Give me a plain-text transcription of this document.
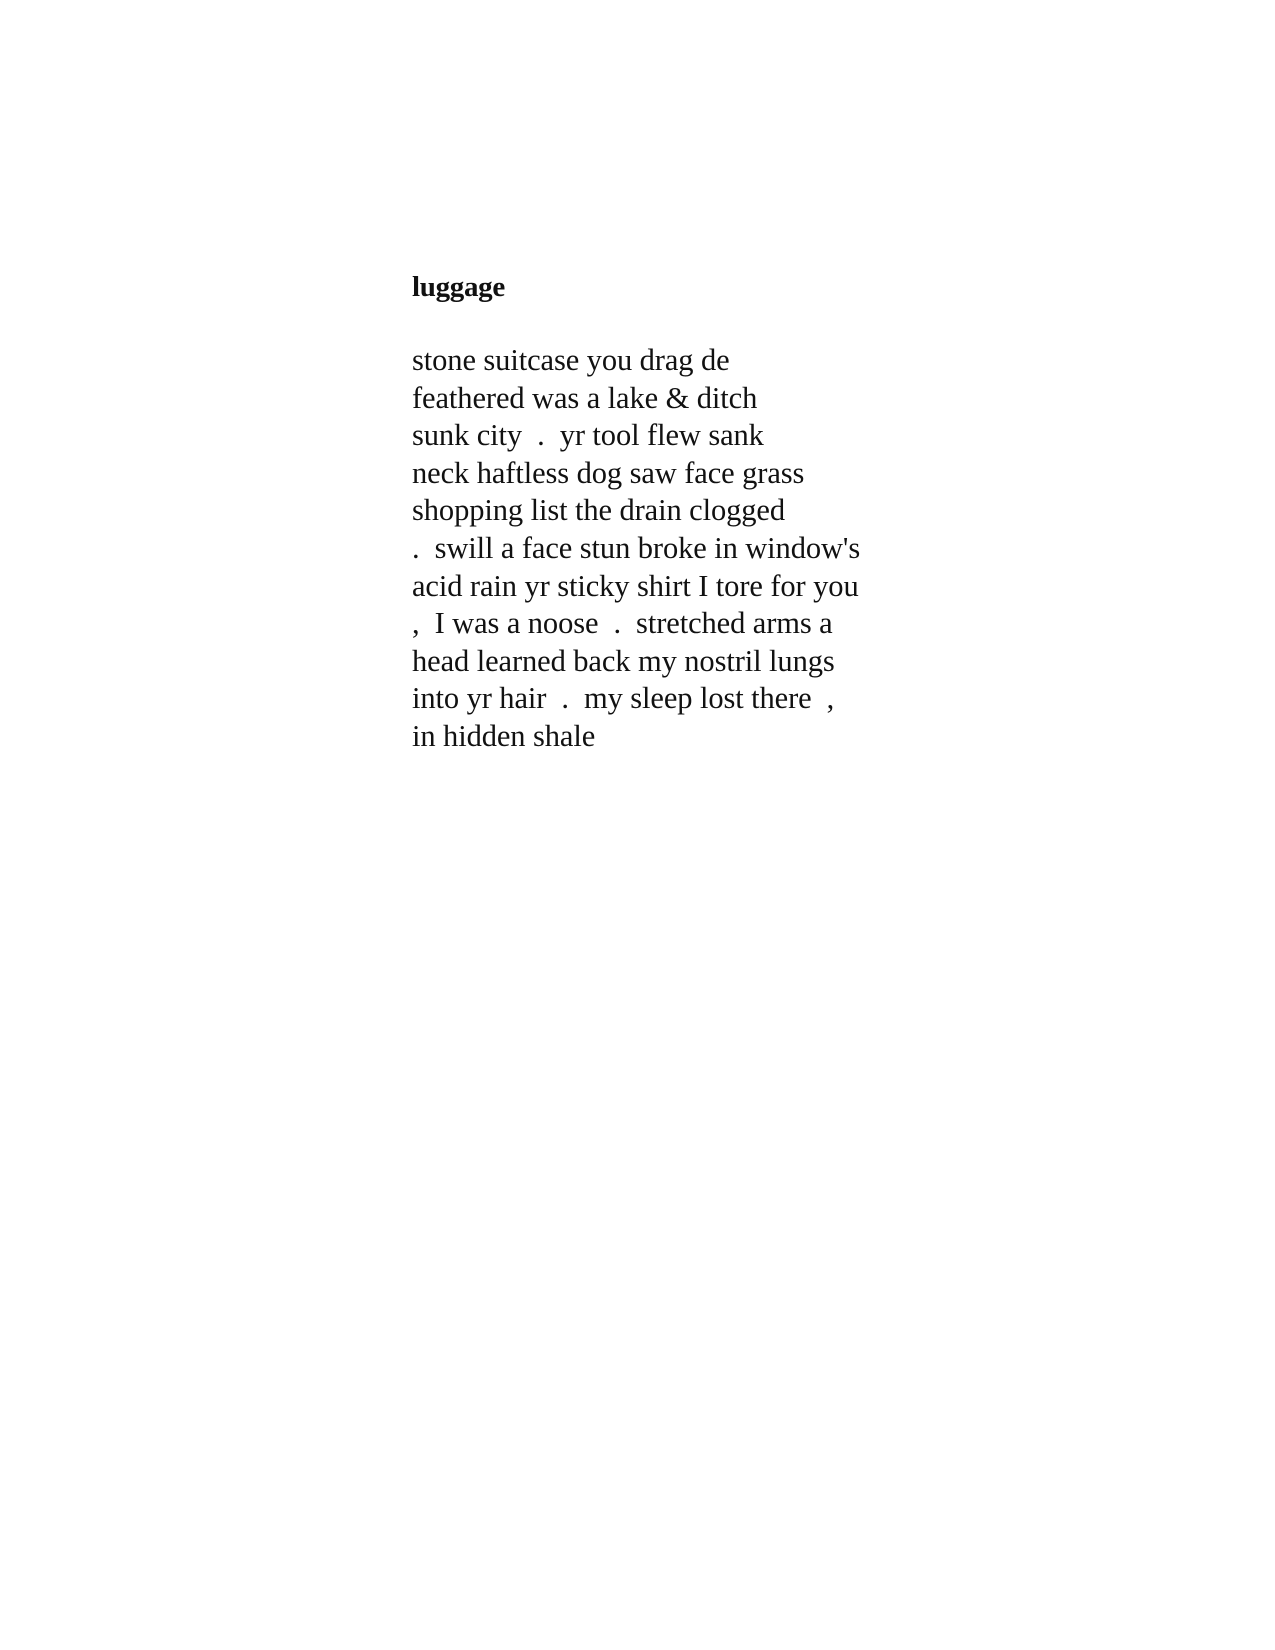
luggage
stone suitcase you drag de
feathered was a lake & ditch
sunk city  .  yr tool flew sank
neck haftless dog saw face grass
shopping list the drain clogged
.  swill a face stun broke in window's
acid rain yr sticky shirt I tore for you
,  I was a noose  .  stretched arms a
head learned back my nostril lungs
into yr hair  .  my sleep lost there  ,
in hidden shale
